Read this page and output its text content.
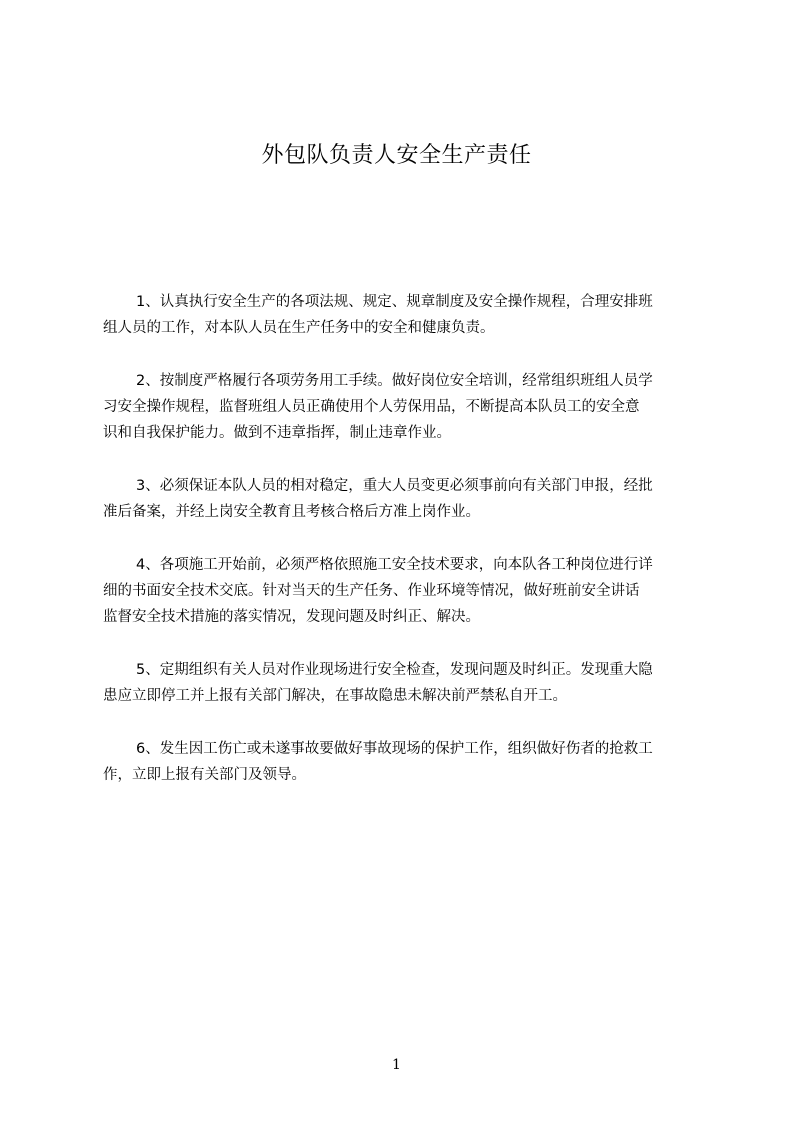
外包队负责人安全生产责任

1、认真执行安全生产的各项法规、规定、规章制度及安全操作规程，合理安排班
组人员的工作，对本队人员在生产任务中的安全和健康负责。

2、按制度严格履行各项劳务用工手续。做好岗位安全培训，经常组织班组人员学
习安全操作规程，监督班组人员正确使用个人劳保用品，不断提高本队员工的安全意
识和自我保护能力。做到不违章指挥，制止违章作业。

3、必须保证本队人员的相对稳定，重大人员变更必须事前向有关部门申报，经批
准后备案，并经上岗安全教育且考核合格后方准上岗作业。

4、各项施工开始前，必须严格依照施工安全技术要求，向本队各工种岗位进行详
细的书面安全技术交底。针对当天的生产任务、作业环境等情况，做好班前安全讲话
监督安全技术措施的落实情况，发现问题及时纠正、解决。

5、定期组织有关人员对作业现场进行安全检查，发现问题及时纠正。发现重大隐
患应立即停工并上报有关部门解决，在事故隐患未解决前严禁私自开工。

6、发生因工伤亡或未遂事故要做好事故现场的保护工作，组织做好伤者的抢救工
作，立即上报有关部门及领导。

1
